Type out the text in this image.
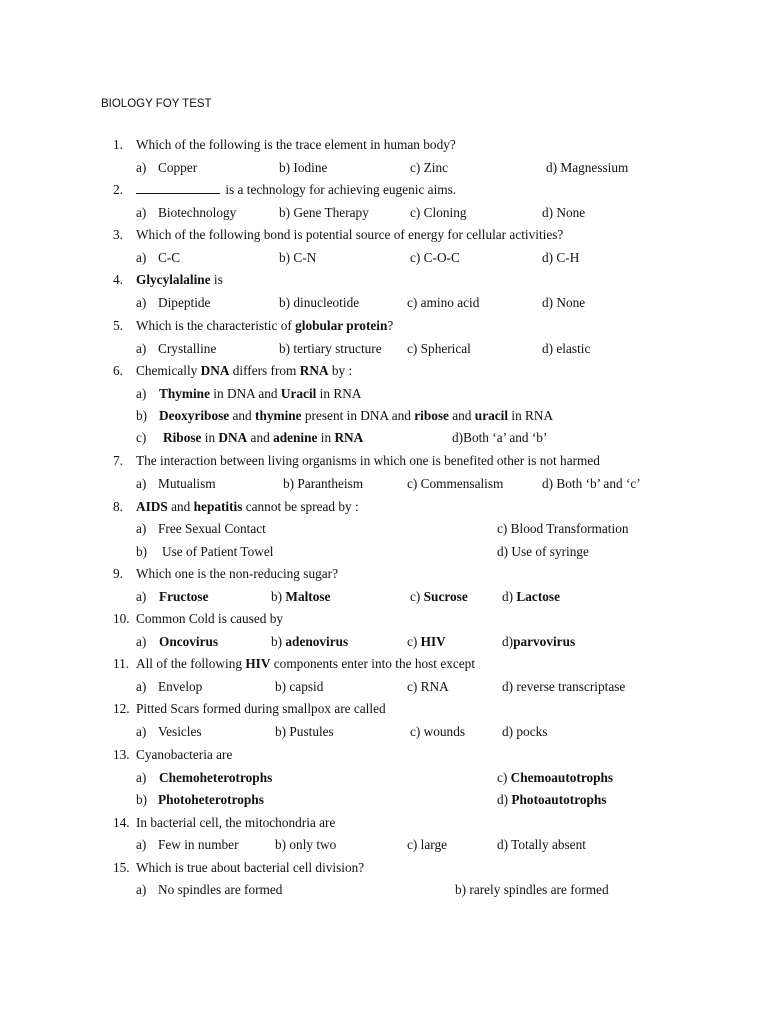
BIOLOGY FOY TEST
1. Which of the following is the trace element in human body?
a) Copper	b) Iodine	c) Zinc	d) Magnessium
2.	is a technology for achieving eugenic aims.
a) Biotechnology	b) Gene Therapy	c) Cloning	d) None
3. Which of the following bond is potential source of energy for cellular activities?
a) C-C	b) C-N	c) C-O-C	d) C-H
4. Glycylalaline is
a) Dipeptide	b) dinucleotide	c) amino acid	d) None
5. Which is the characteristic of globular protein?
a) Crystalline	b) tertiary structure c) Spherical	d) elastic
6. Chemically DNA differs from RNA by :
a) Thymine in DNA and Uracil in RNA
b) Deoxyribose and thymine present in DNA and ribose and uracil in RNA
c) Ribose in DNA and adenine in RNA	d)Both ‘a’ and ‘b’
7. The interaction between living organisms in which one is benefited other is not harmed
a) Mutualism	b) Parantheism	c) Commensalism	d) Both ‘b’ and ‘c’
8. AIDS and hepatitis cannot be spread by :
a) Free Sexual Contact	c) Blood Transformation
b) Use of Patient Towel	d) Use of syringe
9. Which one is the non-reducing sugar?
a) Fructose	b) Maltose	c) Sucrose	d) Lactose
10. Common Cold is caused by
a) Oncovirus	b) adenovirus	c) HIV	d)parvovirus
11. All of the following HIV components enter into the host except
a) Envelop	b) capsid	c) RNA	d) reverse transcriptase
12. Pitted Scars formed during smallpox are called
a) Vesicles	b) Pustules	c) wounds	d) pocks
13. Cyanobacteria are
a) Chemoheterotrophs	c) Chemoautotrophs
b) Photoheterotrophs	d) Photoautotrophs
14. In bacterial cell, the mitochondria are
a) Few in number	b) only two	c) large	d) Totally absent
15. Which is true about bacterial cell division?
a) No spindles are formed	b) rarely spindles are formed
